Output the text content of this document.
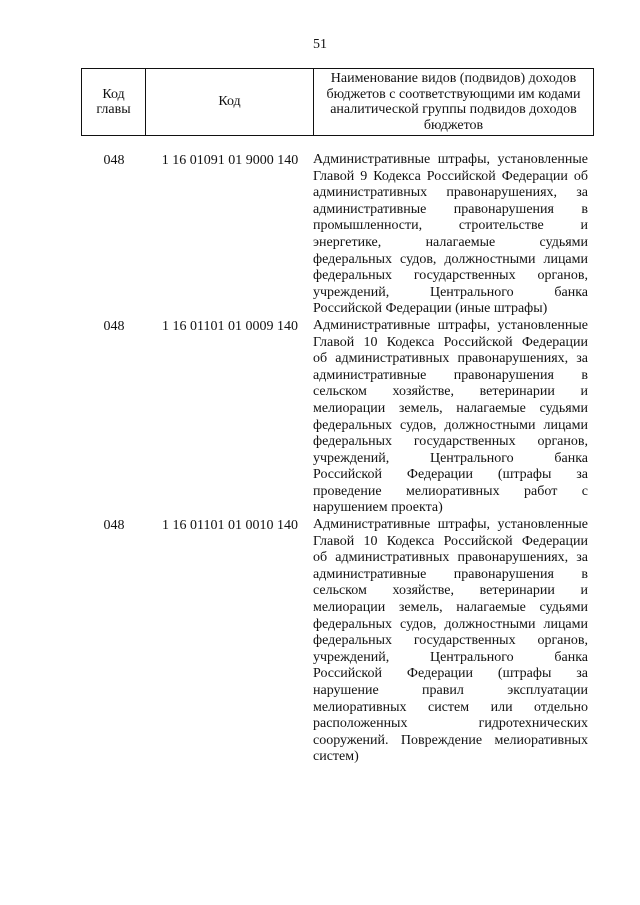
51
Код главы	Код	Наименование видов (подвидов) доходов бюджетов с соответствующими им кодами аналитической группы подвидов доходов бюджетов
048	1 16 01091 01 9000 140	Административные штрафы, установленные
Главой 9 Кодекса Российской Федерации об
административных правонарушениях, за
административные правонарушения в
промышленности, строительстве и
энергетике, налагаемые судьями
федеральных судов, должностными лицами
федеральных государственных органов,
учреждений, Центрального банка
Российской Федерации (иные штрафы)
048	1 16 01101 01 0009 140	Административные штрафы, установленные
Главой 10 Кодекса Российской Федерации
об административных правонарушениях, за
административные правонарушения в
сельском хозяйстве, ветеринарии и
мелиорации земель, налагаемые судьями
федеральных судов, должностными лицами
федеральных государственных органов,
учреждений, Центрального банка
Российской Федерации (штрафы за
проведение мелиоративных работ с
нарушением проекта)
048	1 16 01101 01 0010 140	Административные штрафы, установленные
Главой 10 Кодекса Российской Федерации
об административных правонарушениях, за
административные правонарушения в
сельском хозяйстве, ветеринарии и
мелиорации земель, налагаемые судьями
федеральных судов, должностными лицами
федеральных государственных органов,
учреждений, Центрального банка
Российской Федерации (штрафы за
нарушение правил эксплуатации
мелиоративных систем или отдельно
расположенных гидротехнических
сооружений. Повреждение мелиоративных
систем)
